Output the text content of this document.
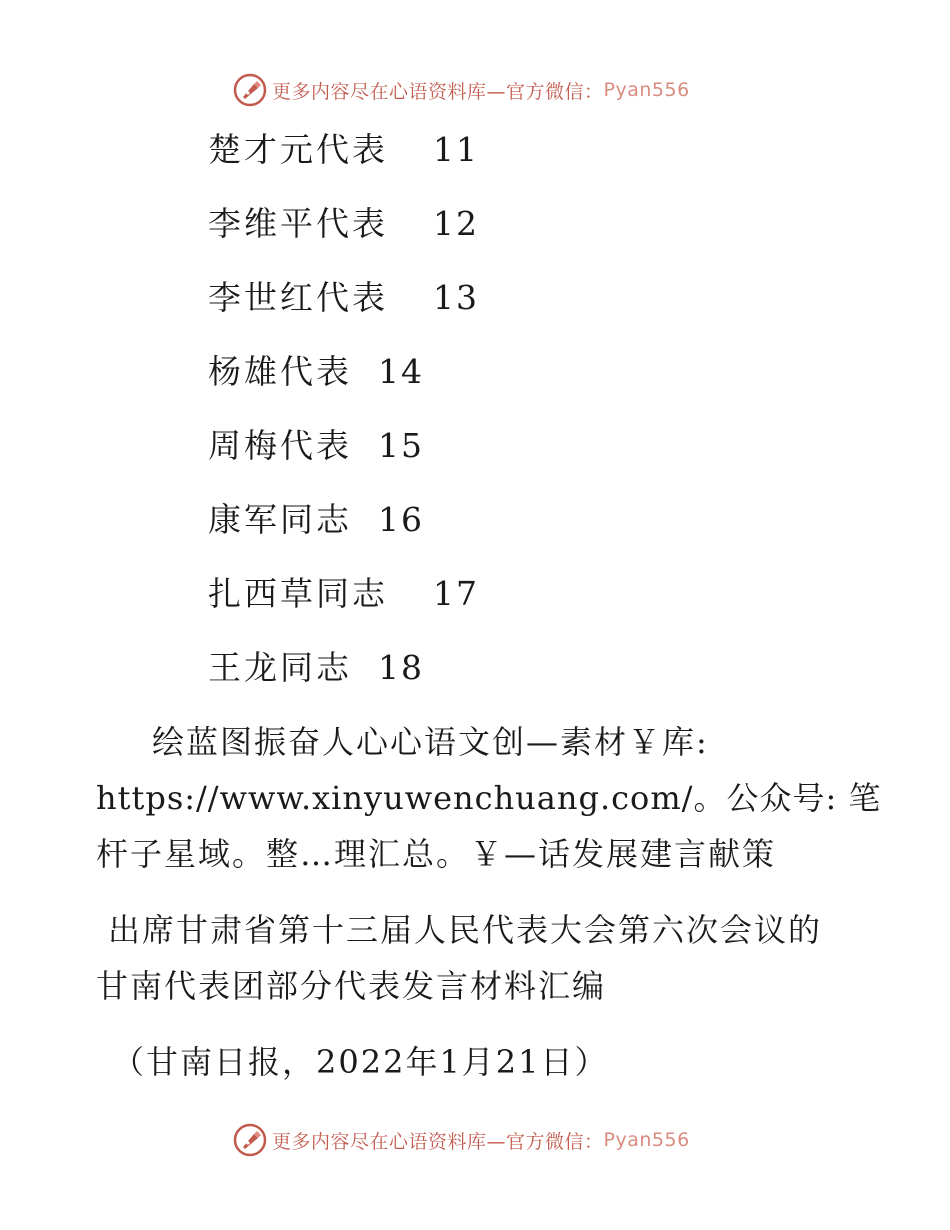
更多内容尽在心语资料库—官方微信： Pyan556
楚才元代表	11
李维平代表	12
李世红代表	13
杨雄代表 14
周梅代表 15
康军同志 16
扎西草同志	17
王龙同志 18
绘蓝图振奋人心心语文创—素材￥库:
https://www.xinyuwenchuang.com/。公众号: 笔
杆子星域。整…理汇总。￥—话发展建言献策
出席甘肃省第十三届人民代表大会第六次会议的
甘南代表团部分代表发言材料汇编
（甘南日报，2022年1月21日）
更多内容尽在心语资料库—官方微信： Pyan556
